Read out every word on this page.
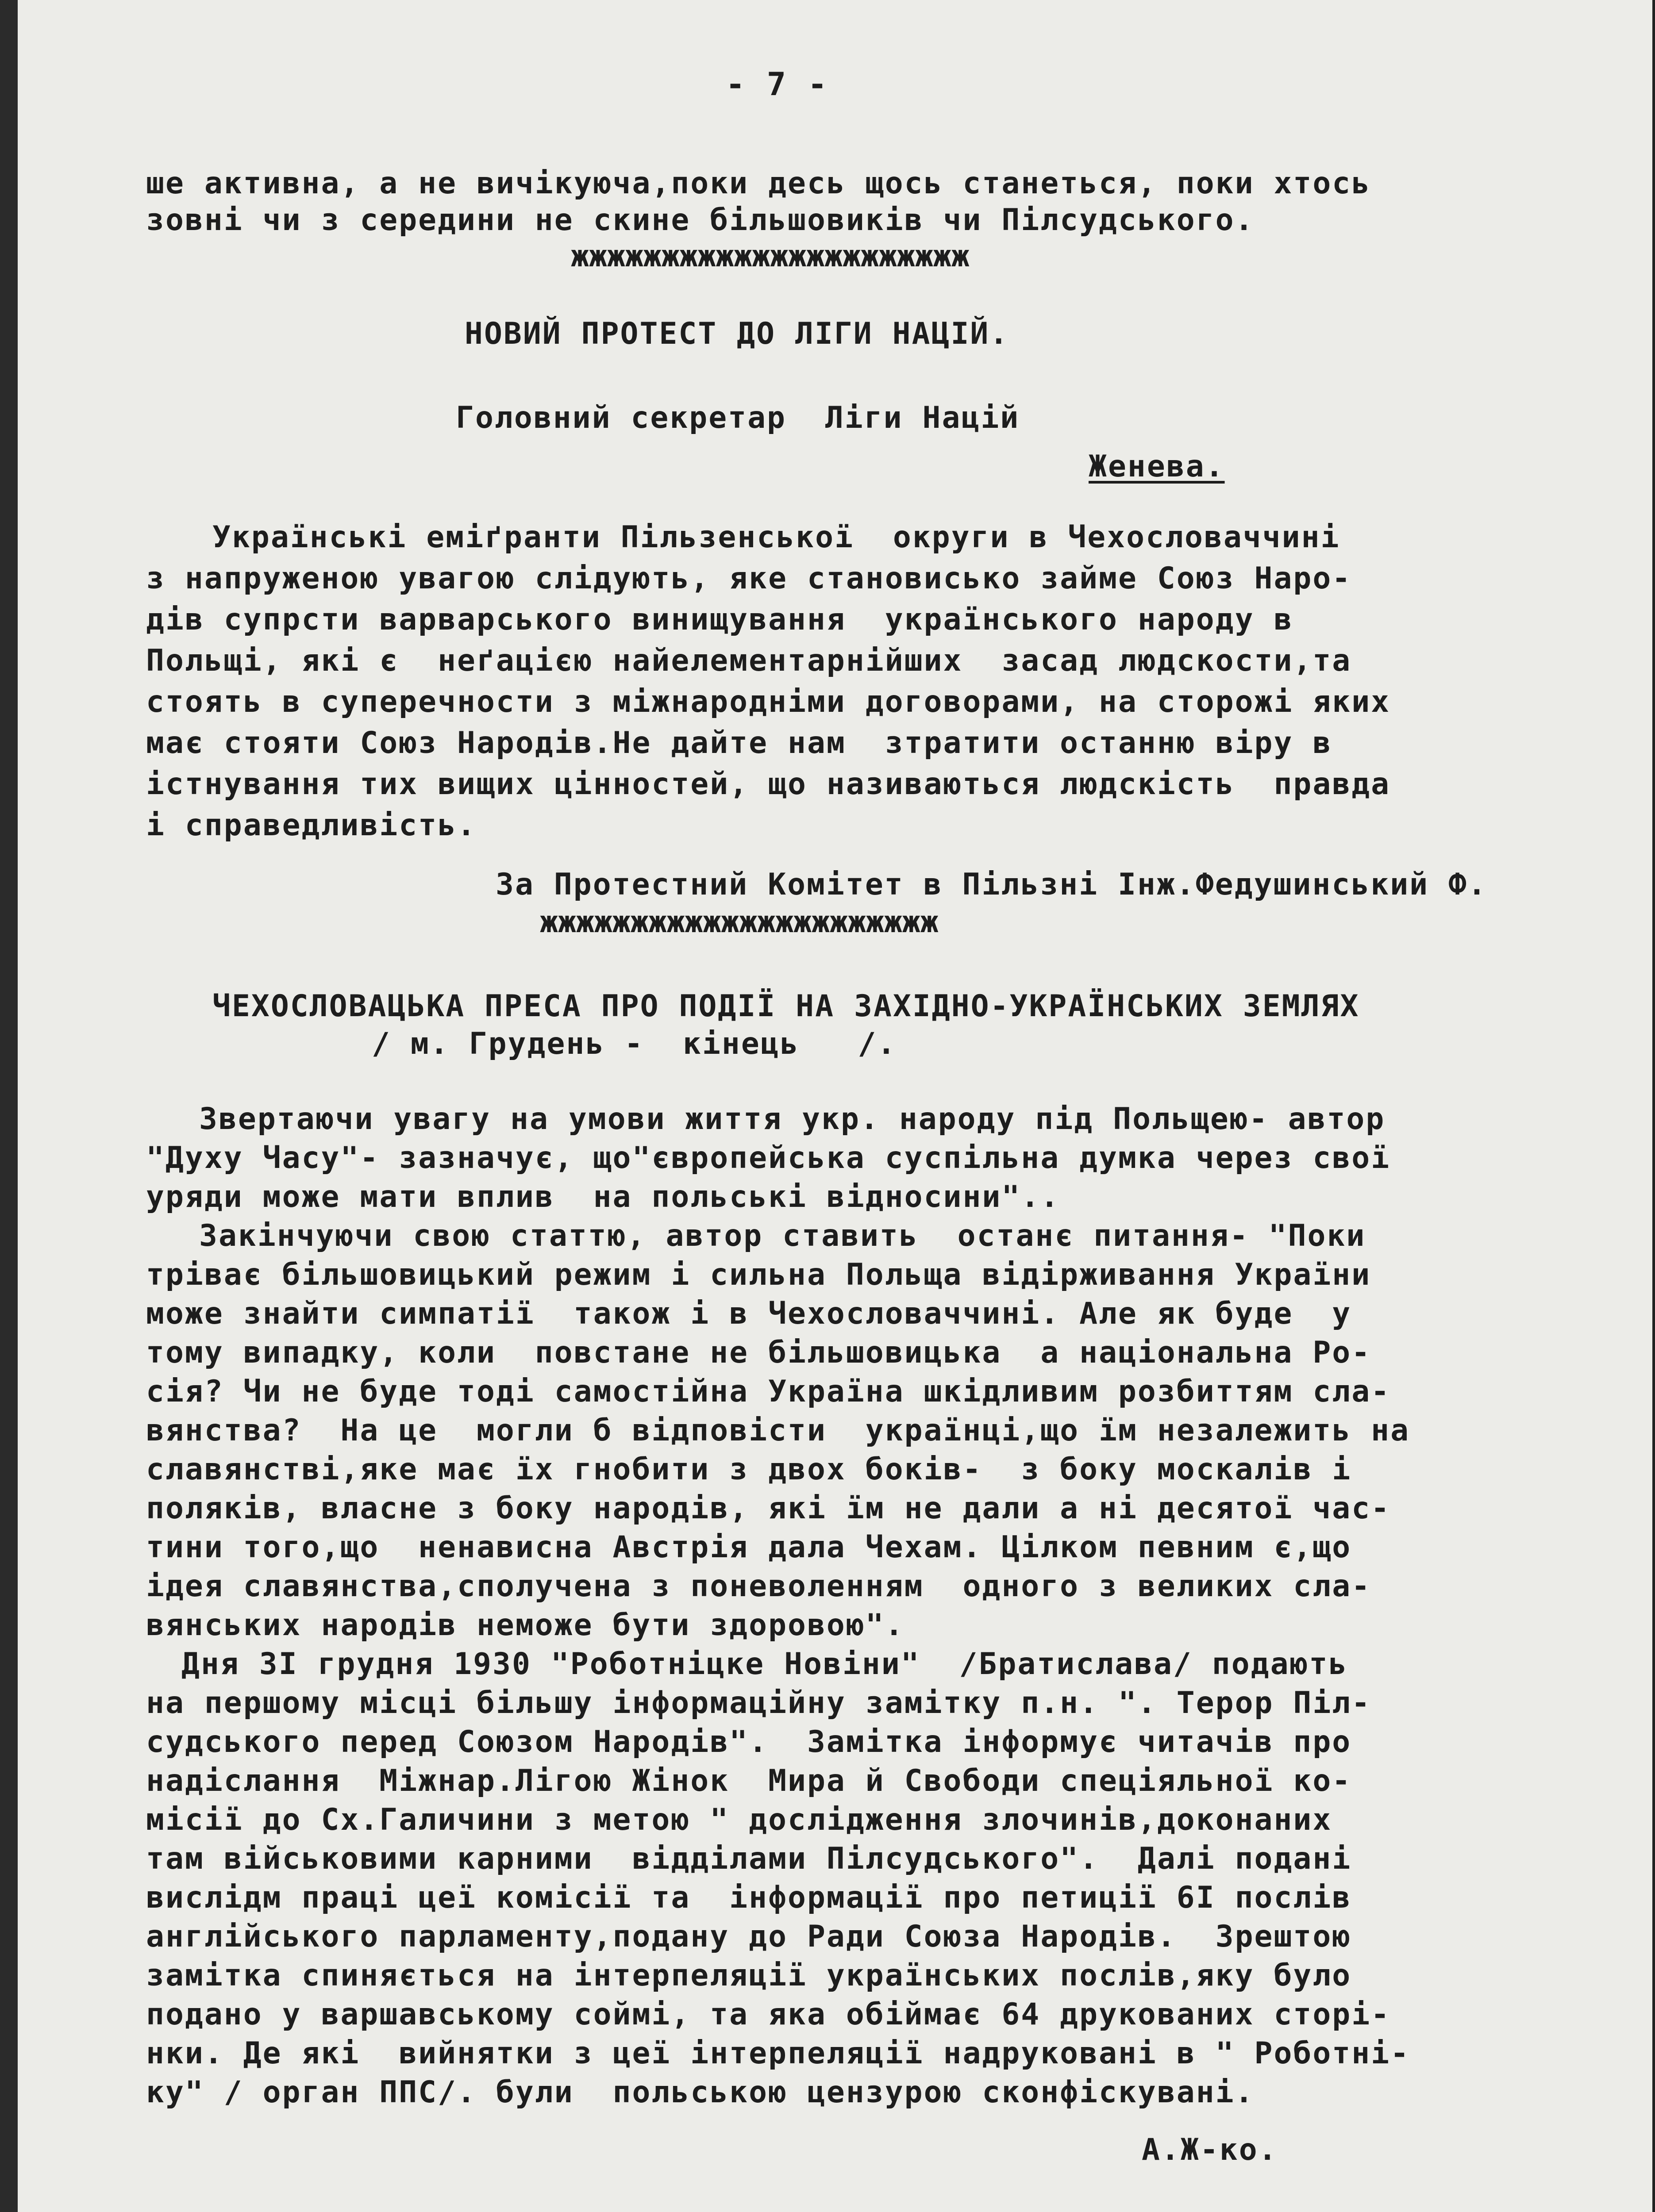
- 7 -
ше активна, а не вичікуюча,поки десь щось станеться, поки хтось
зовні чи з середини не скине більшовиків чи Пілсудського.
жжжжжжжжжжжжжжжжжжжжжж
НОВИЙ ПРОТЕСТ ДО ЛІГИ НАЦІЙ.
Головний секретар  Ліги Націй
Женева.
Українські еміґранти Пільзенської  округи в Чехословаччині
з напруженою увагою слідують, яке становисько займе Союз Наро-
дів супрсти варварського винищування  українського народу в
Польщі, які є  неґацією найелементарнійших  засад людскости,та
стоять в суперечности з міжнародніми договорами, на сторожі яких
має стояти Союз Народів.Не дайте нам  зтратити останню віру в
істнування тих вищих цінностей, що називаються людскість  правда
і справедливість.
За Протестний Комітет в Пільзні Інж.Федушинський Ф.
жжжжжжжжжжжжжжжжжжжжжж
ЧЕХОСЛОВАЦЬКА ПРЕСА ПРО ПОДІЇ НА ЗАХІДНО-УКРАЇНСЬКИХ ЗЕМЛЯХ
/ м. Грудень -  кінець   /.
Звертаючи увагу на умови життя укр. народу під Польщею- автор
"Духу Часу"- зазначує, що"європейська суспільна думка через свої
уряди може мати вплив  на польські відносини"..
Закінчуючи свою статтю, автор ставить  останє питання- "Поки
тріває більшовицький режим і сильна Польща відірживання України
може знайти симпатії  також і в Чехословаччині. Але як буде  у
тому випадку, коли  повстане не більшовицька  а національна Ро-
сія? Чи не буде тоді самостійна Україна шкідливим розбиттям сла-
вянства?  На це  могли б відповісти  українці,що їм незалежить на
славянстві,яке має їх гнобити з двох боків-  з боку москалів і
поляків, власне з боку народів, які їм не дали а ні десятої час-
тини того,що  ненависна Австрія дала Чехам. Цілком певним є,що
ідея славянства,сполучена з поневоленням  одного з великих сла-
вянських народів неможе бути здоровою".
Дня 3І грудня 1930 "Роботніцке Новіни"  /Братислава/ подають
на першому місці більшу інформаційну замітку п.н. ". Терор Піл-
судського перед Союзом Народів".  Замітка інформує читачів про
надіслання  Міжнар.Лігою Жінок  Мира й Свободи спеціяльної ко-
місії до Сх.Галичини з метою " дослідження злочинів,доконаних
там військовими карними  відділами Пілсудського".  Далі подані
вислідм праці цеї комісії та  інформації про петиції 6І послів
англійського парламенту,подану до Ради Союза Народів.  Зрештою
замітка спиняється на інтерпеляції українських послів,яку було
подано у варшавському соймі, та яка обіймає 64 друкованих сторі-
нки. Де які  вийнятки з цеї інтерпеляції надруковані в " Роботні-
ку" / орган ППС/. були  польською цензурою сконфіскувані.
А.Ж-ко.
